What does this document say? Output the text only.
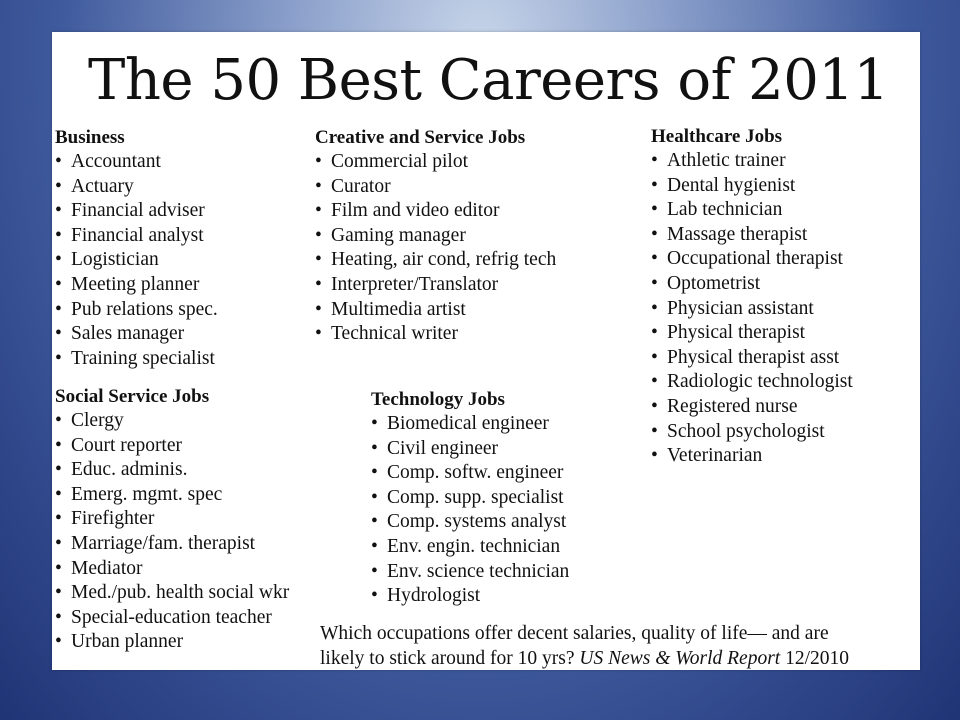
The 50 Best Careers of 2011
Business
• Accountant
• Actuary
• Financial adviser
• Financial analyst
• Logistician
• Meeting planner
• Pub relations spec.
• Sales manager
• Training specialist
Creative and Service Jobs
• Commercial pilot
• Curator
• Film and video editor
• Gaming manager
• Heating, air cond, refrig tech
• Interpreter/Translator
• Multimedia artist
• Technical writer
Healthcare Jobs
• Athletic trainer
• Dental hygienist
• Lab technician
• Massage therapist
• Occupational therapist
• Optometrist
• Physician assistant
• Physical therapist
• Physical therapist asst
• Radiologic technologist
• Registered nurse
• School psychologist
• Veterinarian
Social Service Jobs
• Clergy
• Court reporter
• Educ. adminis.
• Emerg. mgmt. spec
• Firefighter
• Marriage/fam. therapist
• Mediator
• Med./pub. health social wkr
• Special-education teacher
• Urban planner
Technology Jobs
• Biomedical engineer
• Civil engineer
• Comp. softw. engineer
• Comp. supp. specialist
• Comp. systems analyst
• Env. engin. technician
• Env. science technician
• Hydrologist

Which occupations offer decent salaries, quality of life— and are
likely to stick around for 10 yrs? US News & World Report 12/2010
